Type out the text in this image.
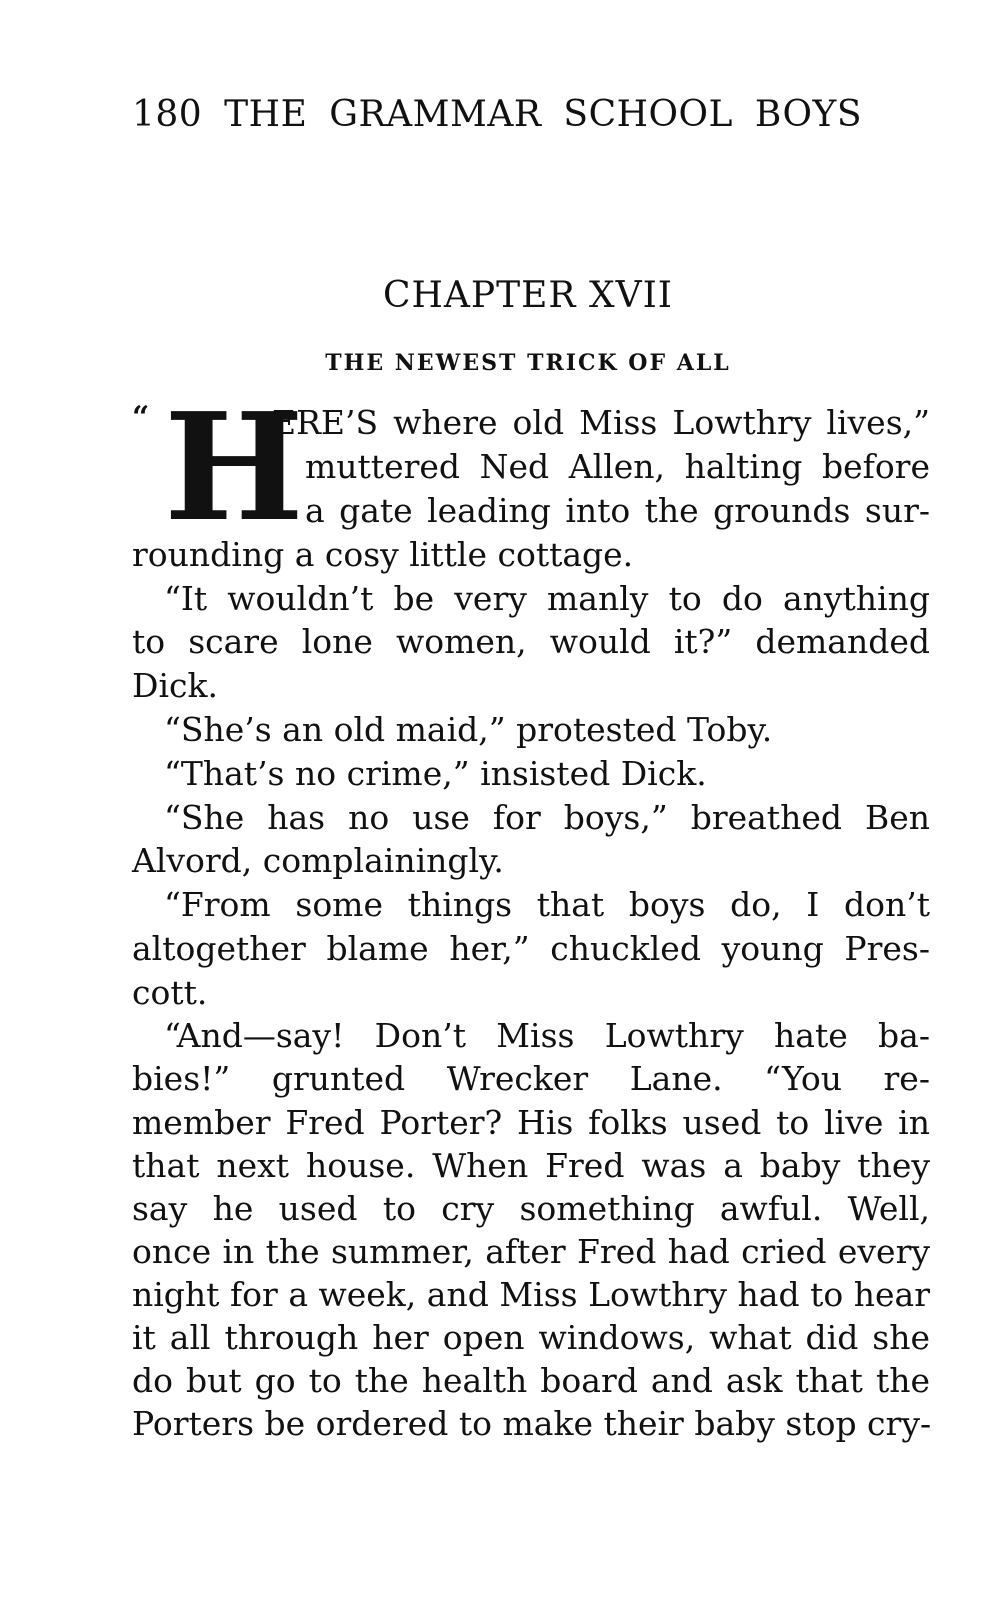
180 THE GRAMMAR SCHOOL BOYS
CHAPTER XVII
THE NEWEST TRICK OF ALL
“ H
ERE’S where old Miss Lowthry lives,”
muttered Ned Allen, halting before
a gate leading into the grounds sur-
rounding a cosy little cottage.
“It wouldn’t be very manly to do anything
to scare lone women, would it?” demanded
Dick.
“She’s an old maid,” protested Toby.
“That’s no crime,” insisted Dick.
“She has no use for boys,” breathed Ben
Alvord, complainingly.
“From some things that boys do, I don’t
altogether blame her,” chuckled young Pres-
cott.
“And—say! Don’t Miss Lowthry hate ba-
bies!” grunted Wrecker Lane. “You re-
member Fred Porter? His folks used to live in
that next house. When Fred was a baby they
say he used to cry something awful. Well,
once in the summer, after Fred had cried every
night for a week, and Miss Lowthry had to hear
it all through her open windows, what did she
do but go to the health board and ask that the
Porters be ordered to make their baby stop cry-
